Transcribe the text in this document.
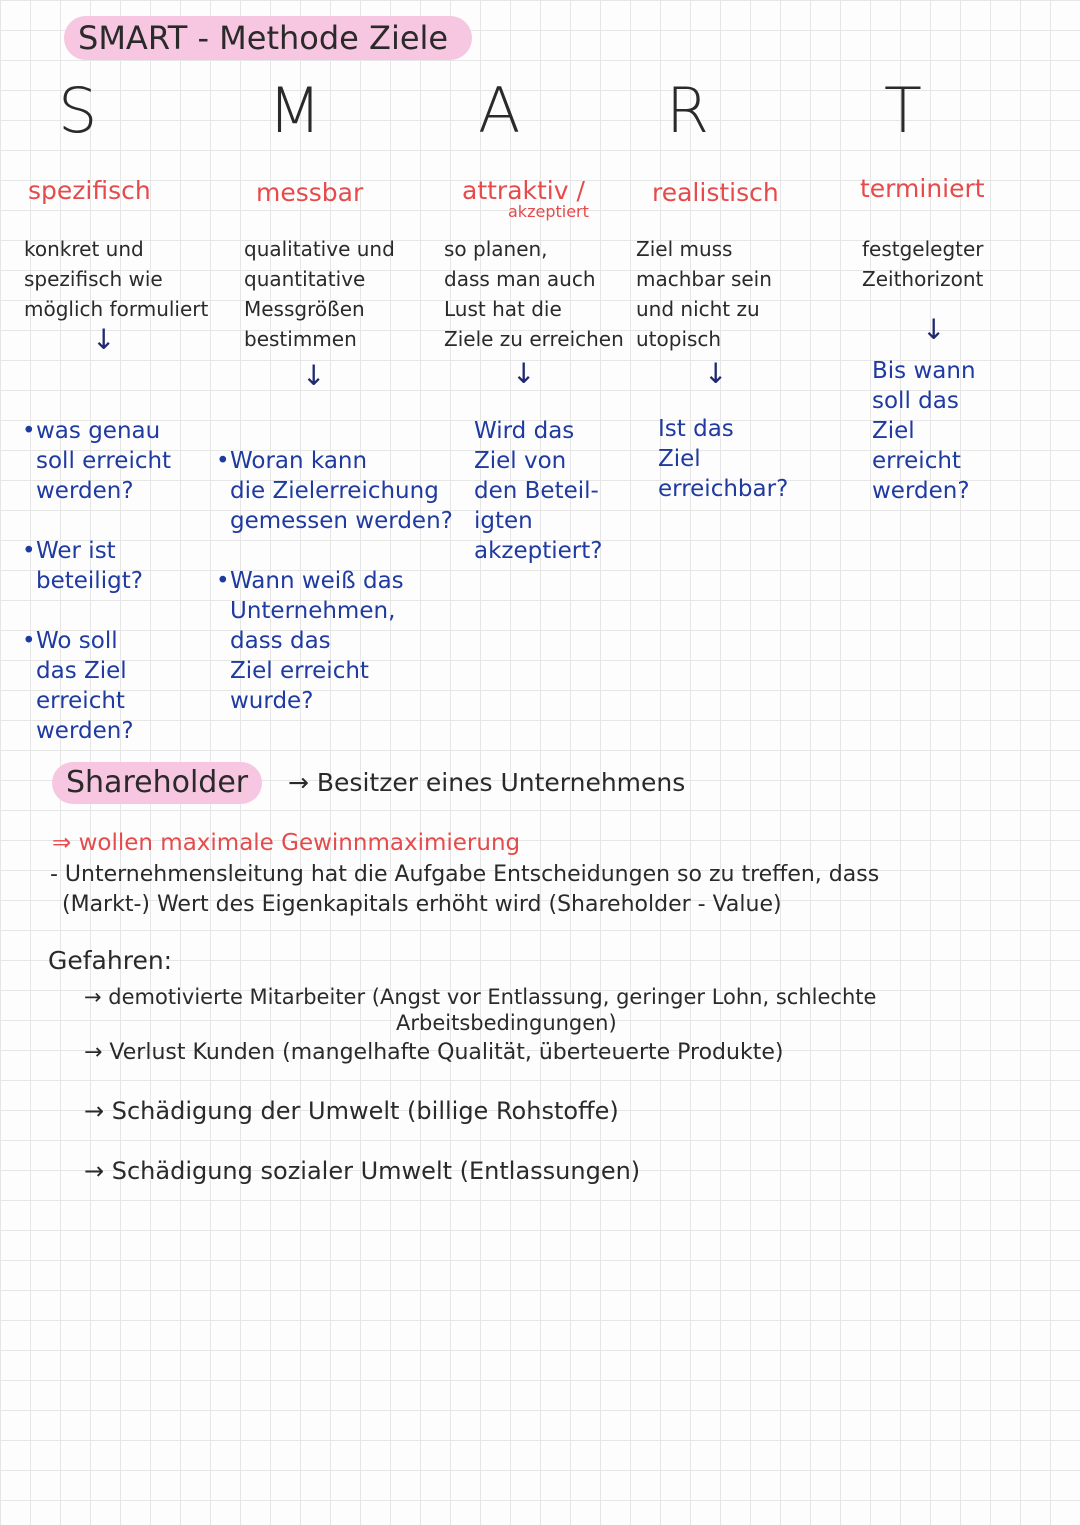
SMART - Methode Ziele
S
spezifisch
konkret und
spezifisch wie
möglich formuliert
↓

• was genau
soll erreicht
werden?

• Wer ist
beteiligt?

• Wo soll
das Ziel
erreicht
werden?

M
messbar
qualitative und
quantitative
Messgrößen
bestimmen
↓

• Woran kann
die Zielerreichung
gemessen werden?

• Wann weiß das
Unternehmen,
dass das
Ziel erreicht
wurde?

A
attraktiv /
akzeptiert
so planen,
dass man auch
Lust hat die
Ziele zu erreichen
↓
Wird das
Ziel von
den Beteil-
igten
akzeptiert?
R
realistisch
Ziel muss
machbar sein
und nicht zu
utopisch
↓
Ist das
Ziel
erreichbar?
T
terminiert
festgelegter
Zeithorizont
↓
Bis wann
soll das
Ziel
erreicht
werden?
Shareholder	→ Besitzer eines Unternehmens
⇒ wollen maximale Gewinnmaximierung
- Unternehmensleitung hat die Aufgabe Entscheidungen so zu treffen, dass
(Markt-) Wert des Eigenkapitals erhöht wird (Shareholder - Value)
Gefahren:
→ demotivierte Mitarbeiter (Angst vor Entlassung, geringer Lohn, schlechte
Arbeitsbedingungen)
→ Verlust Kunden (mangelhafte Qualität, überteuerte Produkte)
→ Schädigung der Umwelt (billige Rohstoffe)
→ Schädigung sozialer Umwelt (Entlassungen)
